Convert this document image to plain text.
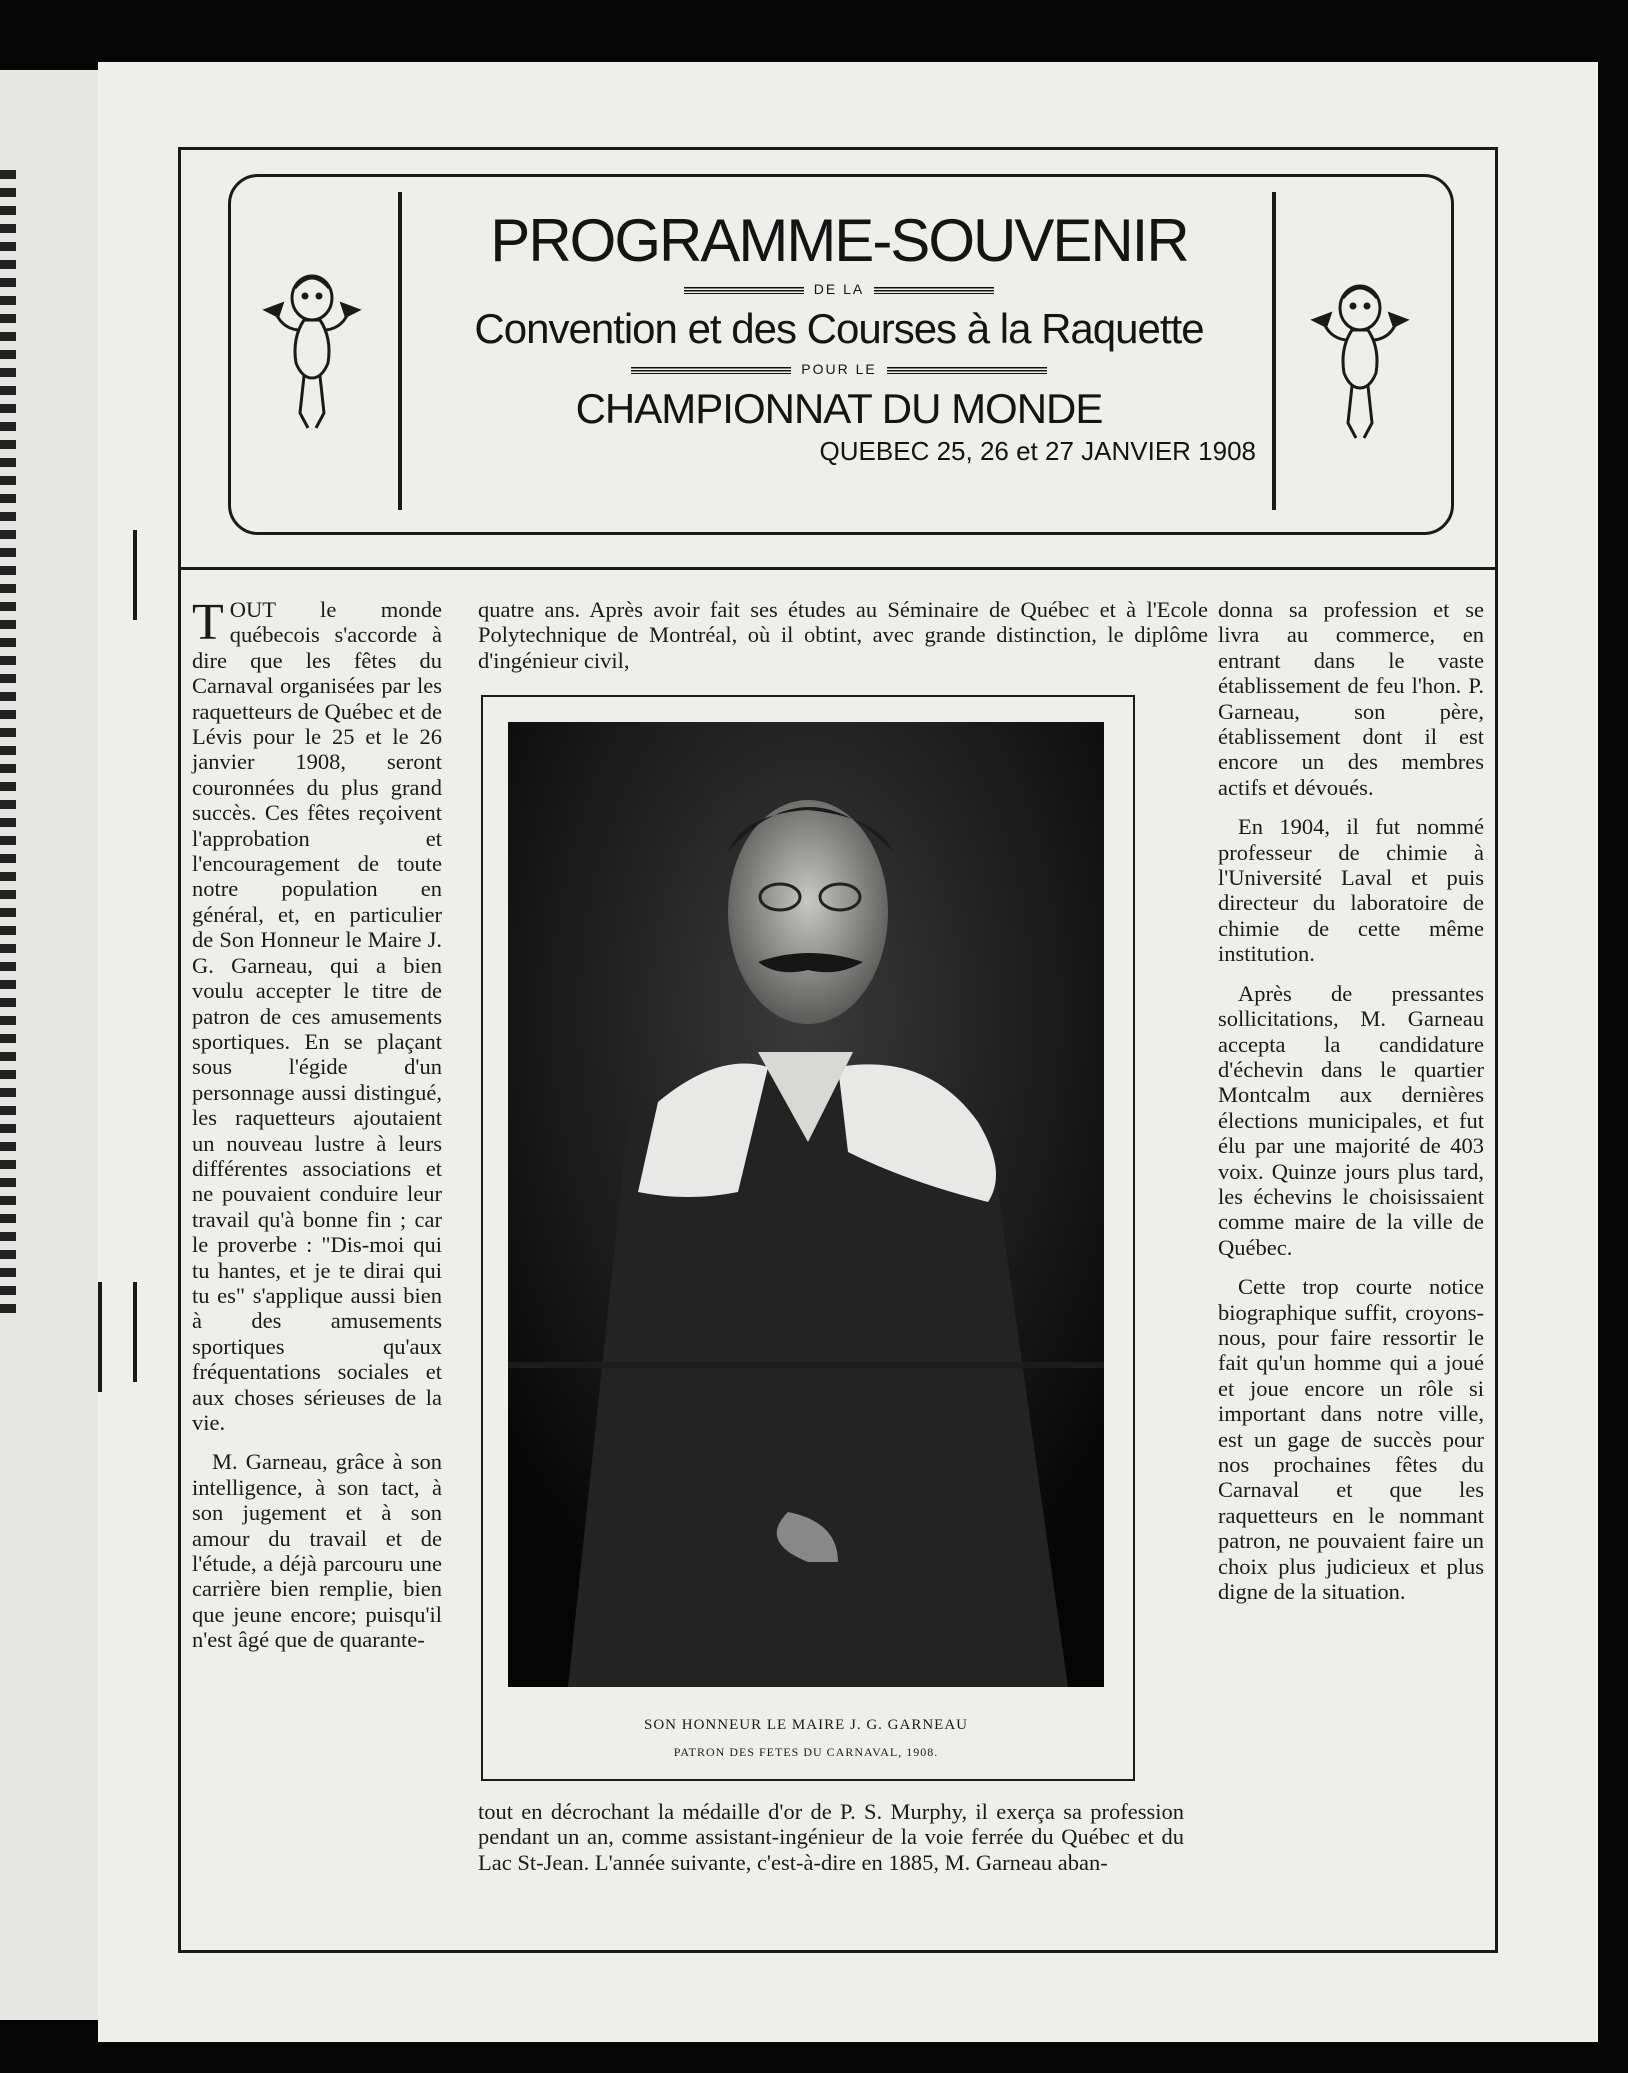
PROGRAMME-SOUVENIR
DE LA
Convention et des Courses à la Raquette
POUR LE
CHAMPIONNAT DU MONDE
QUEBEC 25, 26 et 27 JANVIER 1908

TOUT le monde québecois s'accorde à dire que les fêtes du Carnaval organisées par les raquetteurs de Québec et de Lévis pour le 25 et le 26 janvier 1908, seront couronnées du plus grand succès. Ces fêtes reçoivent l'approbation et l'encouragement de toute notre population en général, et, en particulier de Son Honneur le Maire J. G. Garneau, qui a bien voulu accepter le titre de patron de ces amusements sportiques. En se plaçant sous l'égide d'un personnage aussi distingué, les raquetteurs ajoutaient un nouveau lustre à leurs différentes associations et ne pouvaient conduire leur travail qu'à bonne fin ; car le proverbe : "Dis-moi qui tu hantes, et je te dirai qui tu es" s'applique aussi bien à des amusements sportiques qu'aux fréquentations sociales et aux choses sérieuses de la vie.

M. Garneau, grâce à son intelligence, à son tact, à son jugement et à son amour du travail et de l'étude, a déjà parcouru une carrière bien remplie, bien que jeune encore; puisqu'il n'est âgé que de quarante-

quatre ans. Après avoir fait ses études au Séminaire de Québec et à l'Ecole Polytechnique de Montréal, où il obtint, avec grande distinction, le diplôme d'ingénieur civil,
SON HONNEUR LE MAIRE J. G. GARNEAU
PATRON DES FETES DU CARNAVAL, 1908.
tout en décrochant la médaille d'or de P. S. Murphy, il exerça sa profession pendant un an, comme assistant-ingénieur de la voie ferrée du Québec et du Lac St-Jean. L'année suivante, c'est-à-dire en 1885, M. Garneau aban-

donna sa profession et se livra au commerce, en entrant dans le vaste établissement de feu l'hon. P. Garneau, son père, établissement dont il est encore un des membres actifs et dévoués.

En 1904, il fut nommé professeur de chimie à l'Université Laval et puis directeur du laboratoire de chimie de cette même institution.

Après de pressantes sollicitations, M. Garneau accepta la candidature d'échevin dans le quartier Montcalm aux dernières élections municipales, et fut élu par une majorité de 403 voix. Quinze jours plus tard, les échevins le choisissaient comme maire de la ville de Québec.

Cette trop courte notice biographique suffit, croyons-nous, pour faire ressortir le fait qu'un homme qui a joué et joue encore un rôle si important dans notre ville, est un gage de succès pour nos prochaines fêtes du Carnaval et que les raquetteurs en le nommant patron, ne pouvaient faire un choix plus judicieux et plus digne de la situation.
